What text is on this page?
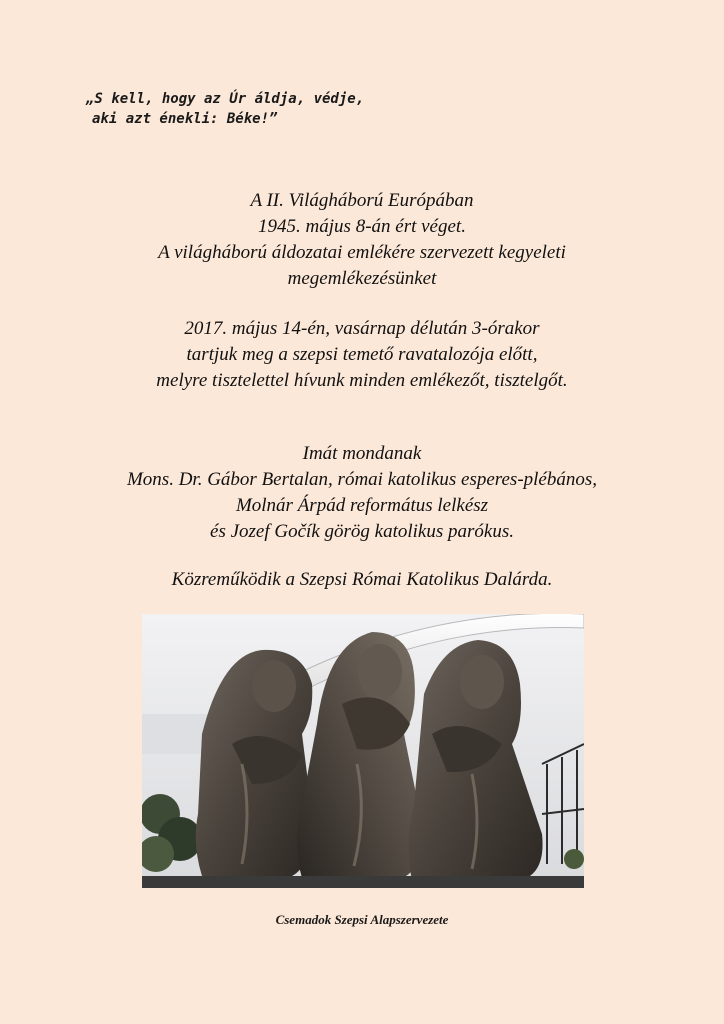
„S kell, hogy az Úr áldja, védje,
aki azt énekli: Béke!”
A II. Világháború Európában
1945. május 8-án ért véget.
A világháború áldozatai emlékére szervezett kegyeleti
megemlékezésünket
2017. május 14-én, vasárnap délután 3-órakor
tartjuk meg a szepsi temető ravatalozója előtt,
melyre tisztelettel hívunk minden emlékezőt, tisztelgőt.
Imát mondanak
Mons. Dr. Gábor Bertalan, római katolikus esperes-plébános,
Molnár Árpád református lelkész
és Jozef Gočík görög katolikus parókus.
Közreműködik a Szepsi Római Katolikus Dalárda.
Csemadok Szepsi Alapszervezete
